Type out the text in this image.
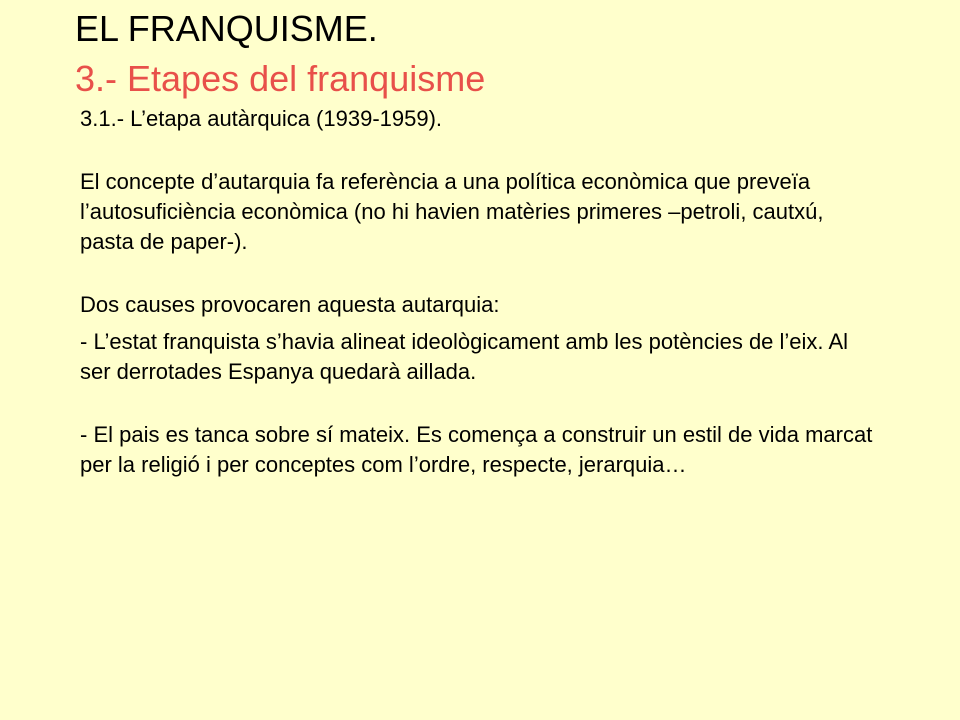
EL FRANQUISME.
3.- Etapes del franquisme

3.1.- L’etapa autàrquica (1939-1959).

El concepte d’autarquia fa referència a una política econòmica que preveïa l’autosuficiència econòmica (no hi havien matèries primeres –petroli, cautxú, pasta de paper-).

Dos causes provocaren aquesta autarquia:

- L’estat franquista s’havia alineat ideològicament amb les potències de l’eix. Al ser derrotades Espanya quedarà aillada.

- El pais es tanca sobre sí mateix. Es comença a construir un estil de vida marcat per la religió i per conceptes com l’ordre, respecte, jerarquia…
